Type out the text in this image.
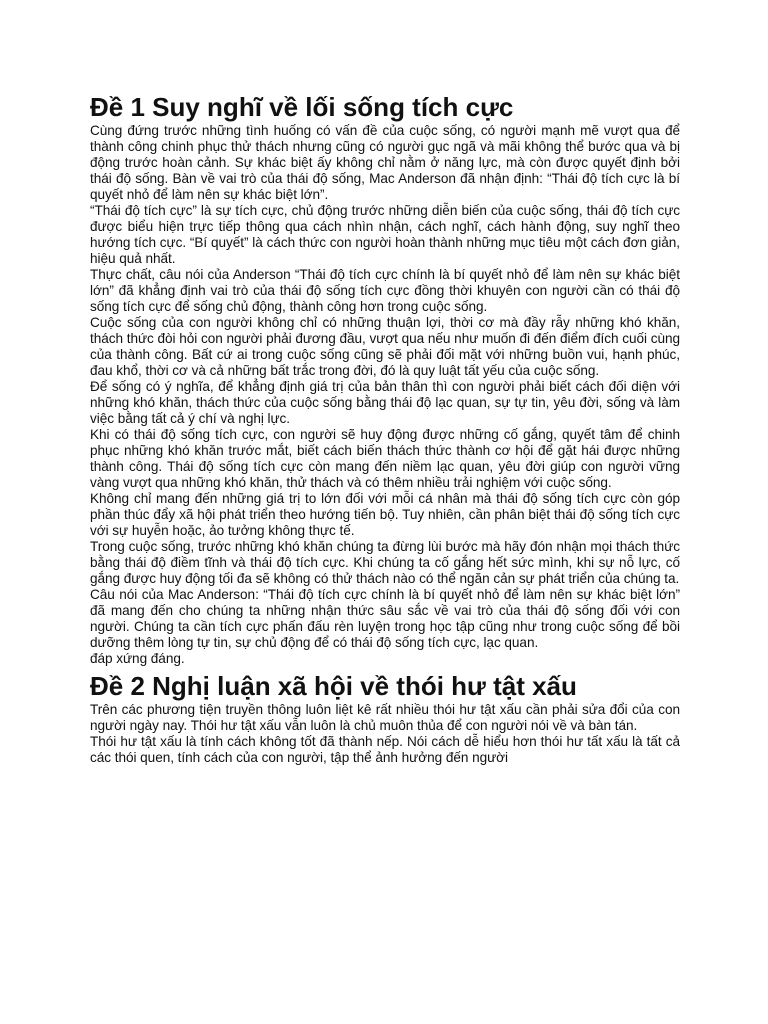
Đề 1 Suy nghĩ về lối sống tích cực

Cùng đứng trước những tình huống có vấn đề của cuộc sống, có người mạnh mẽ vượt qua để thành công chinh phục thử thách nhưng cũng có người gục ngã và mãi không thể bước qua và bị động trước hoàn cảnh. Sự khác biệt ấy không chỉ nằm ở năng lực, mà còn được quyết định bởi thái độ sống. Bàn về vai trò của thái độ sống, Mac Anderson đã nhận định: “Thái độ tích cực là bí quyết nhỏ để làm nên sự khác biệt lớn”.

“Thái độ tích cực” là sự tích cực, chủ động trước những diễn biến của cuộc sống, thái độ tích cực được biểu hiện trực tiếp thông qua cách nhìn nhận, cách nghĩ, cách hành động, suy nghĩ theo hướng tích cực. “Bí quyết” là cách thức con người hoàn thành những mục tiêu một cách đơn giản, hiệu quả nhất.

Thực chất, câu nói của Anderson “Thái độ tích cực chính là bí quyết nhỏ để làm nên sự khác biệt lớn” đã khẳng định vai trò của thái độ sống tích cực đồng thời khuyên con người cần có thái độ sống tích cực để sống chủ động, thành công hơn trong cuộc sống.

Cuộc sống của con người không chỉ có những thuận lợi, thời cơ mà đầy rẫy những khó khăn, thách thức đòi hỏi con người phải đương đầu, vượt qua nếu như muốn đi đến điểm đích cuối cùng của thành công. Bất cứ ai trong cuộc sống cũng sẽ phải đối mặt với những buồn vui, hạnh phúc, đau khổ, thời cơ và cả những bất trắc trong đời, đó là quy luật tất yếu của cuộc sống.

Để sống có ý nghĩa, để khẳng định giá trị của bản thân thì con người phải biết cách đối diện với những khó khăn, thách thức của cuộc sống bằng thái độ lạc quan, sự tự tin, yêu đời, sống và làm việc bằng tất cả ý chí và nghị lực.

Khi có thái độ sống tích cực, con người sẽ huy động được những cố gắng, quyết tâm để chinh phục những khó khăn trước mắt, biết cách biến thách thức thành cơ hội để gặt hái được những thành công. Thái độ sống tích cực còn mang đến niềm lạc quan, yêu đời giúp con người vững vàng vượt qua những khó khăn, thử thách và có thêm nhiều trải nghiệm với cuộc sống.

Không chỉ mang đến những giá trị to lớn đối với mỗi cá nhân mà thái độ sống tích cực còn góp phần thúc đẩy xã hội phát triển theo hướng tiến bộ. Tuy nhiên, cần phân biệt thái độ sống tích cực với sự huyễn hoặc, ảo tưởng không thực tế.

Trong cuộc sống, trước những khó khăn chúng ta đừng lùi bước mà hãy đón nhận mọi thách thức bằng thái độ điềm tĩnh và thái độ tích cực. Khi chúng ta cố gắng hết sức mình, khi sự nỗ lực, cố gắng được huy động tối đa sẽ không có thử thách nào có thể ngăn cản sự phát triển của chúng ta.

Câu nói của Mac Anderson: “Thái độ tích cực chính là bí quyết nhỏ để làm nên sự khác biệt lớn” đã mang đến cho chúng ta những nhận thức sâu sắc về vai trò của thái độ sống đối với con người. Chúng ta cần tích cực phấn đấu rèn luyện trong học tập cũng như trong cuộc sống để bồi dưỡng thêm lòng tự tin, sự chủ động để có thái độ sống tích cực, lạc quan.

đáp xứng đáng.

Đề 2 Nghị luận xã hội về thói hư tật xấu

Trên các phương tiện truyền thông luôn liệt kê rất nhiều thói hư tật xấu cần phải sửa đổi của con người ngày nay. Thói hư tật xấu vẫn luôn là chủ muôn thủa để con người nói về và bàn tán.

Thói hư tật xấu là tính cách không tốt đã thành nếp. Nói cách dễ hiểu hơn thói hư tất xấu là tất cả các thói quen, tính cách của con người, tập thể ảnh hưởng đến người
